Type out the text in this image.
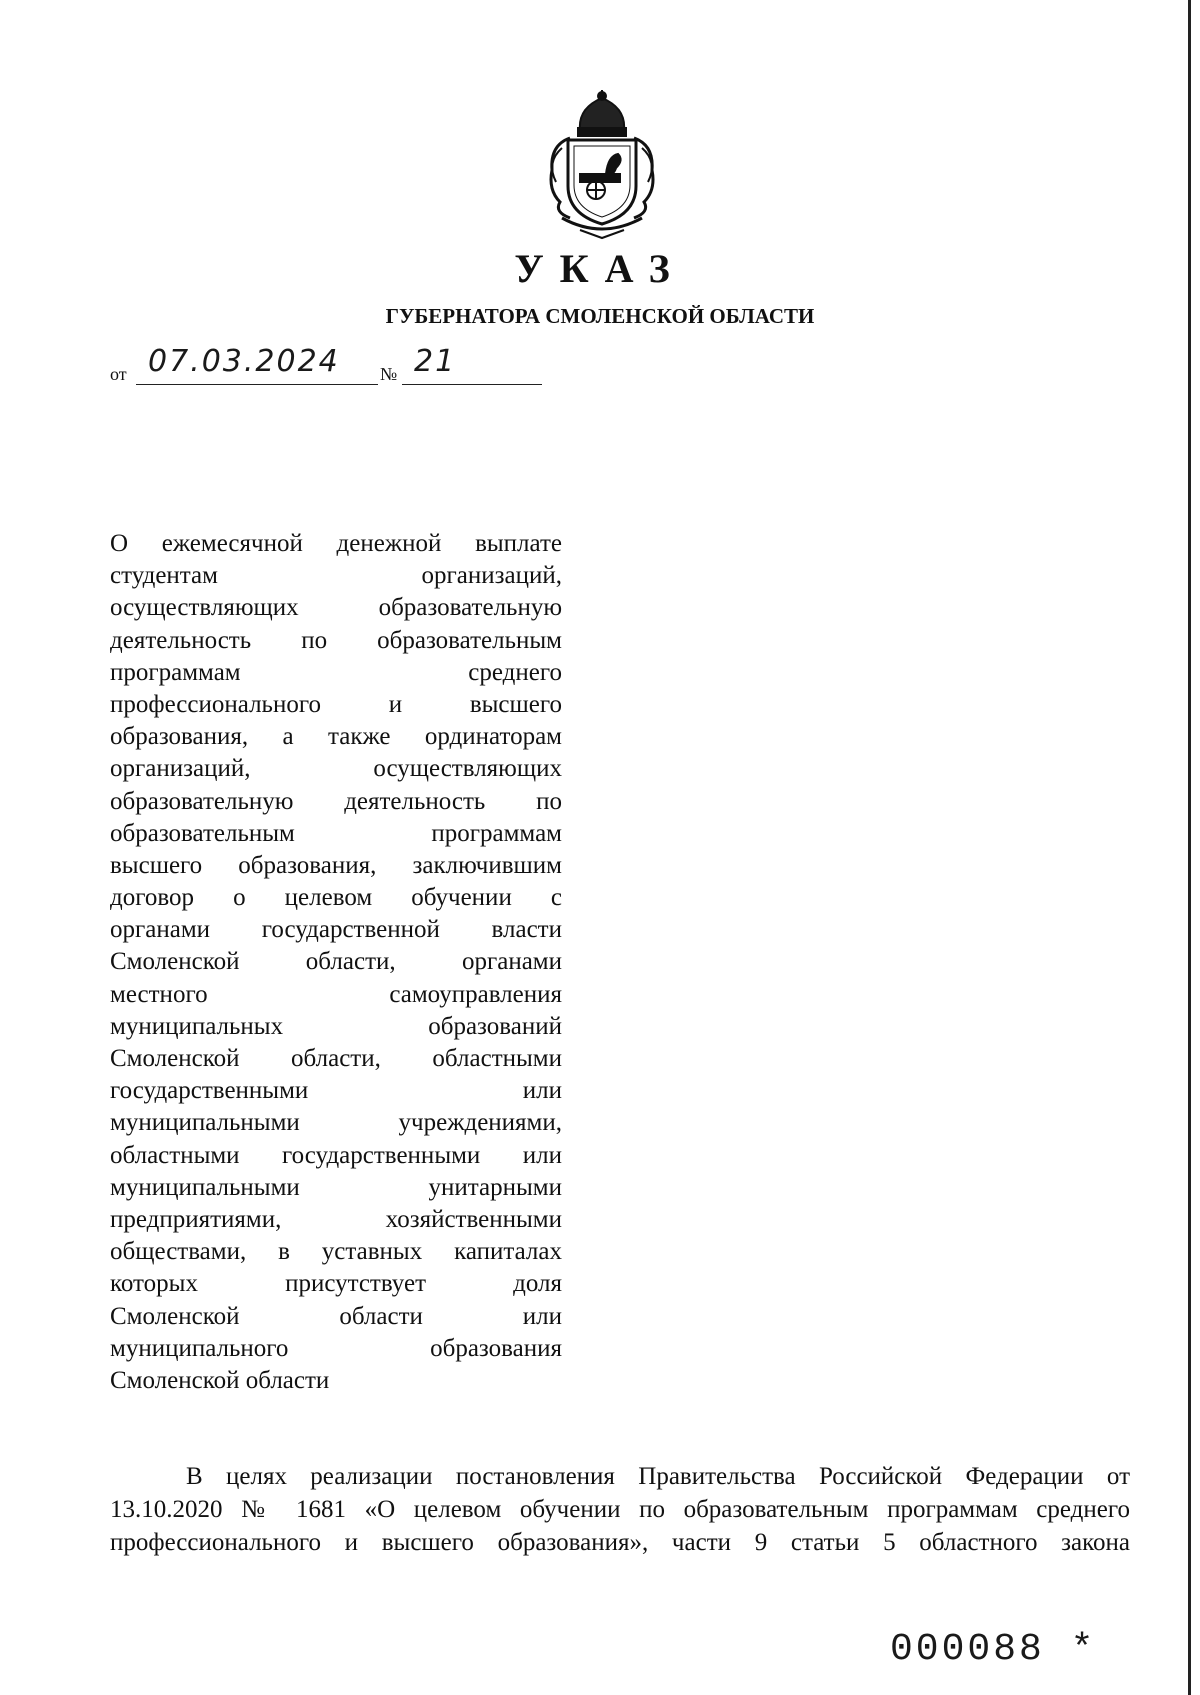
УКАЗ
ГУБЕРНАТОРА СМОЛЕНСКОЙ ОБЛАСТИ
от 07.03.2024 № 21
О ежемесячной денежной выплате
студентам организаций,
осуществляющих образовательную
деятельность по образовательным
программам среднего
профессионального и высшего
образования, а также ординаторам
организаций, осуществляющих
образовательную деятельность по
образовательным программам
высшего образования, заключившим
договор о целевом обучении с
органами государственной власти
Смоленской области, органами
местного самоуправления
муниципальных образований
Смоленской области, областными
государственными или
муниципальными учреждениями,
областными государственными или
муниципальными унитарными
предприятиями, хозяйственными
обществами, в уставных капиталах
которых присутствует доля
Смоленской области или
муниципального образования
Смоленской области
В целях реализации постановления Правительства Российской Федерации от
13.10.2020 № 1681 «О целевом обучении по образовательным программам среднего
профессионального и высшего образования», части 9 статьи 5 областного закона
000088 *
